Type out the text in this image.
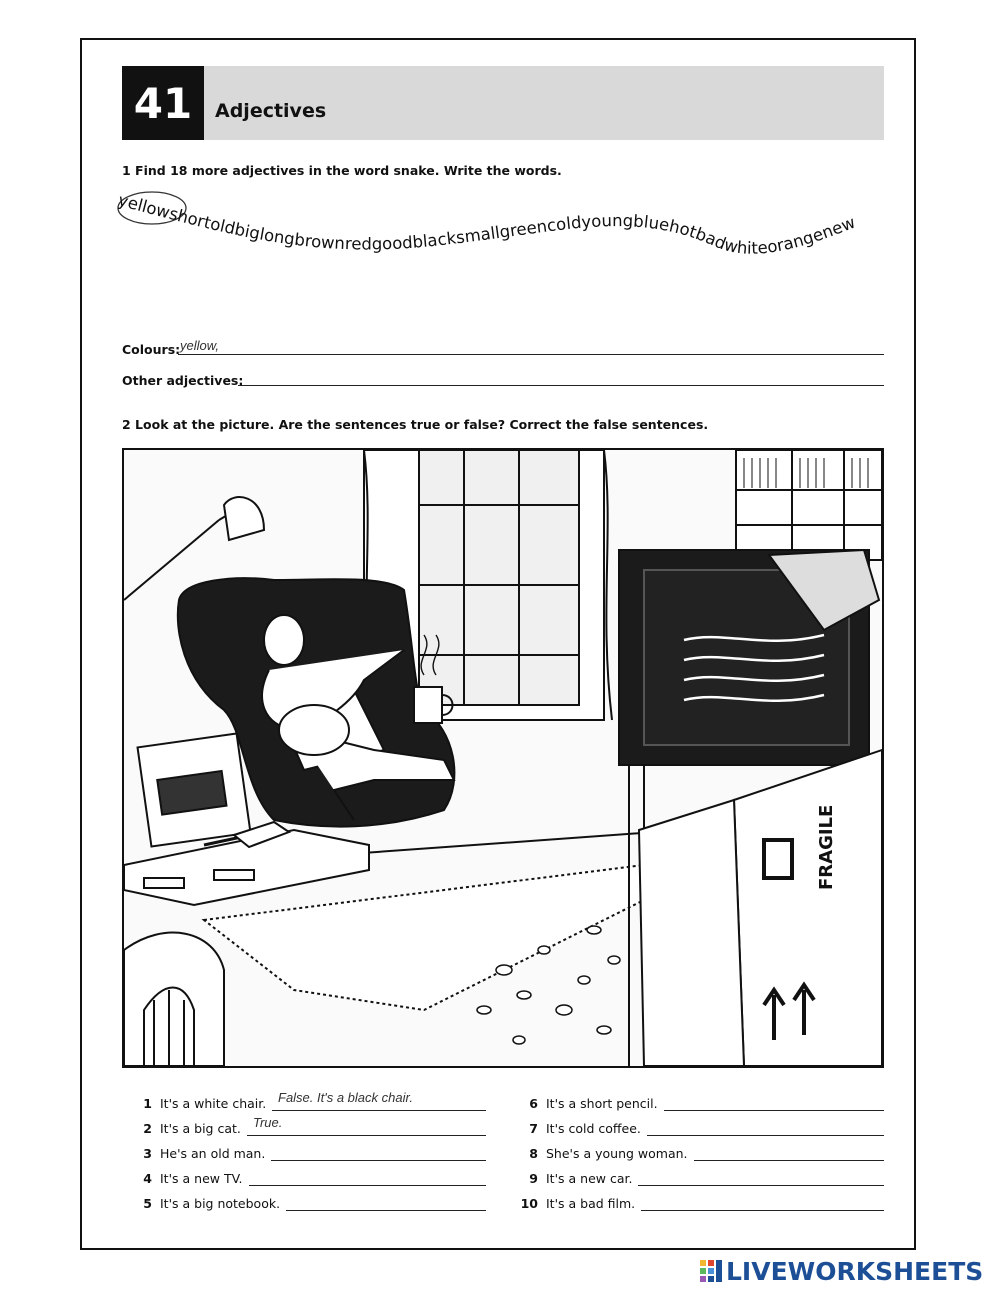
41	Adjectives
1 Find 18 more adjectives in the word snake. Write the words.
yellowshortoldbiglongbrownredgoodblacksmallgreencoldyoungbluehotbadwhiteorangenew
Colours: yellow,
Other adjectives:
2 Look at the picture. Are the sentences true or false? Correct the false sentences.
FRAGILE
1 It's a white chair.
2 It's a big cat.
3 He's an old man.
4 It's a new TV.
5 It's a big notebook.
6 It's a short pencil.
7 It's cold coffee.
8 She's a young woman.
9 It's a new car.
10 It's a bad film.
LIVEWORKSHEETS
False. It's a black chair.
True.
